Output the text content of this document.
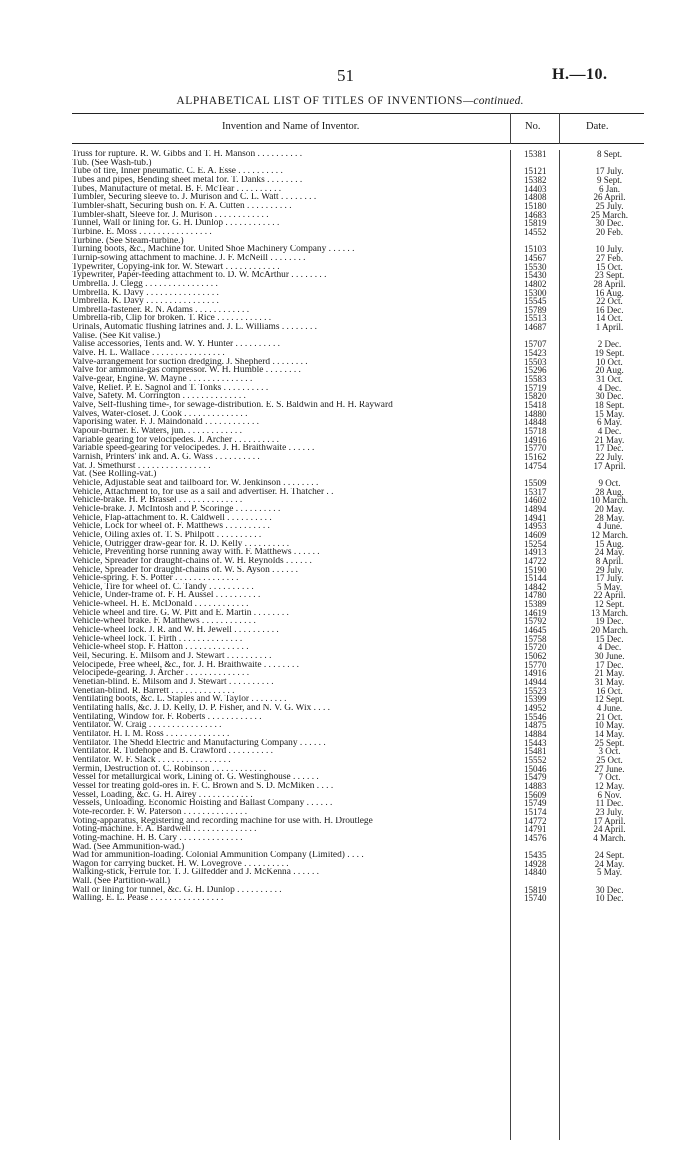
51	H.—10.
ALPHABETICAL LIST OF TITLES OF INVENTIONS—continued.
Invention and Name of Inventor.	No.	Date.
Truss for rupture. R. W. Gibbs and T. H. Manson . . . . . . . . . .	15381	8 Sept.
Tub. (See Wash-tub.)
Tube of tire, Inner pneumatic. C. E. A. Esse . . . . . . . . . .	15121	17 July.
Tubes and pipes, Bending sheet metal for. T. Danks . . . . . . . .	15382	9 Sept.
Tubes, Manufacture of metal. B. F. McTear . . . . . . . . . .	14403	6 Jan.
Tumbler, Securing sleeve to. J. Murison and C. L. Watt . . . . . . . .	14808	26 April.
Tumbler-shaft, Securing bush on. F. A. Cutten . . . . . . . . . .	15180	25 July.
Tumbler-shaft, Sleeve for. J. Murison . . . . . . . . . . . .	14683	25 March.
Tunnel, Wall or lining for. G. H. Dunlop . . . . . . . . . . . .	15819	30 Dec.
Turbine. E. Moss . . . . . . . . . . . . . . . .	14552	20 Feb.
Turbine. (See Steam-turbine.)
Turning boots, &c., Machine for. United Shoe Machinery Company . . . . . .	15103	10 July.
Turnip-sowing attachment to machine. J. F. McNeill . . . . . . . .	14567	27 Feb.
Typewriter, Copying-ink for. W. Stewart . . . . . . . . . . . .	15530	15 Oct.
Typewriter, Paper-feeding attachment to. D. W. McArthur . . . . . . . .	15430	23 Sept.
Umbrella. J. Clegg . . . . . . . . . . . . . . . .	14802	28 April.
Umbrella. K. Davy . . . . . . . . . . . . . . . .	15300	16 Aug.
Umbrella. K. Davy . . . . . . . . . . . . . . . .	15545	22 Oct.
Umbrella-fastener. R. N. Adams . . . . . . . . . . . .	15789	16 Dec.
Umbrella-rib, Clip for broken. T. Rice . . . . . . . . . . . .	15513	14 Oct.
Urinals, Automatic flushing latrines and. J. L. Williams . . . . . . . .	14687	1 April.
Valise. (See Kit valise.)
Valise accessories, Tents and. W. Y. Hunter . . . . . . . . . .	15707	2 Dec.
Valve. H. L. Wallace . . . . . . . . . . . . . . . .	15423	19 Sept.
Valve-arrangement for suction dredging. J. Shepherd . . . . . . . .	15503	10 Oct.
Valve for ammonia-gas compressor. W. H. Humble . . . . . . . .	15296	20 Aug.
Valve-gear, Engine. W. Mayne . . . . . . . . . . . . . .	15583	31 Oct.
Valve, Relief. P. E. Sagnol and T. Tonks . . . . . . . . . .	15719	4 Dec.
Valve, Safety. M. Corrington . . . . . . . . . . . . . .	15820	30 Dec.
Valve, Self-flushing time-, for sewage-distribution. E. S. Baldwin and H. H. Rayward	15418	18 Sept.
Valves, Water-closet. J. Cook . . . . . . . . . . . . . .	14880	15 May.
Vaporising water. F. J. Maindonald . . . . . . . . . . . .	14848	6 May.
Vapour-burner. E. Waters, jun. . . . . . . . . . . . .	15718	4 Dec.
Variable gearing for velocipedes. J. Archer . . . . . . . . . .	14916	21 May.
Variable speed-gearing for velocipedes. J. H. Braithwaite . . . . . .	15770	17 Dec.
Varnish, Printers' ink and. A. G. Wass . . . . . . . . . .	15162	22 July.
Vat. J. Smethurst . . . . . . . . . . . . . . . .	14754	17 April.
Vat. (See Rolling-vat.)
Vehicle, Adjustable seat and tailboard for. W. Jenkinson . . . . . . . .	15509	9 Oct.
Vehicle, Attachment to, for use as a sail and advertiser. H. Thatcher . .	15317	28 Aug.
Vehicle-brake. H. P. Brassel . . . . . . . . . . . . . .	14602	10 March.
Vehicle-brake. J. McIntosh and P. Scoringe . . . . . . . . . .	14894	20 May.
Vehicle, Flap-attachment to. R. Caldwell . . . . . . . . . .	14941	28 May.
Vehicle, Lock for wheel of. F. Matthews . . . . . . . . . .	14953	4 June.
Vehicle, Oiling axles of. T. S. Philpott . . . . . . . . . .	14609	12 March.
Vehicle, Outrigger draw-gear for. R. D. Kelly . . . . . . . . . .	15254	15 Aug.
Vehicle, Preventing horse running away with. F. Matthews . . . . . .	14913	24 May.
Vehicle, Spreader for draught-chains of. W. H. Reynolds . . . . . .	14722	8 April.
Vehicle, Spreader for draught-chains of. W. S. Ayson . . . . . .	15190	29 July.
Vehicle-spring. F. S. Potter . . . . . . . . . . . . . .	15144	17 July.
Vehicle, Tire for wheel of. C. Tandy . . . . . . . . . .	14842	5 May.
Vehicle, Under-frame of. F. H. Aussel . . . . . . . . . .	14780	22 April.
Vehicle-wheel. H. E. McDonald . . . . . . . . . . . .	15389	12 Sept.
Vehicle wheel and tire. G. W. Pitt and E. Martin . . . . . . . .	14619	13 March.
Vehicle-wheel brake. F. Matthews . . . . . . . . . . . .	15792	19 Dec.
Vehicle-wheel lock. J. R. and W. H. Jewell . . . . . . . . . .	14645	20 March.
Vehicle-wheel lock. T. Firth . . . . . . . . . . . . . .	15758	15 Dec.
Vehicle-wheel stop. F. Hatton . . . . . . . . . . . . . .	15720	4 Dec.
Veil, Securing. E. Milsom and J. Stewart . . . . . . . . . .	15062	30 June.
Velocipede, Free wheel, &c., for. J. H. Braithwaite . . . . . . . .	15770	17 Dec.
Velocipede-gearing. J. Archer . . . . . . . . . . . . . .	14916	21 May.
Venetian-blind. E. Milsom and J. Stewart . . . . . . . . . .	14944	31 May.
Venetian-blind. R. Barrett . . . . . . . . . . . . . .	15523	16 Oct.
Ventilating boots, &c. L. Staples and W. Taylor . . . . . . . .	15399	12 Sept.
Ventilating halls, &c. J. D. Kelly, D. P. Fisher, and N. V. G. Wix . . . .	14952	4 June.
Ventilating, Window for. F. Roberts . . . . . . . . . . . .	15546	21 Oct.
Ventilator. W. Craig . . . . . . . . . . . . . . . .	14875	10 May.
Ventilator. H. I. M. Ross . . . . . . . . . . . . . .	14884	14 May.
Ventilator. The Shedd Electric and Manufacturing Company . . . . . .	15443	25 Sept.
Ventilator. R. Tudehope and B. Crawford . . . . . . . . . .	15481	3 Oct.
Ventilator. W. F. Slack . . . . . . . . . . . . . . . .	15552	25 Oct.
Vermin, Destruction of. C. Robinson . . . . . . . . . . . .	15046	27 June.
Vessel for metallurgical work, Lining of. G. Westinghouse . . . . . .	15479	7 Oct.
Vessel for treating gold-ores in. F. C. Brown and S. D. McMiken . . . .	14883	12 May.
Vessel, Loading, &c. G. H. Airey . . . . . . . . . . . .	15609	6 Nov.
Vessels, Unloading. Economic Hoisting and Ballast Company . . . . . .	15749	11 Dec.
Vote-recorder. F. W. Paterson . . . . . . . . . . . . . .	15174	23 July.
Voting-apparatus, Registering and recording machine for use with. H. Droutlege	14772	17 April.
Voting-machine. F. A. Bardwell . . . . . . . . . . . . . .	14791	24 April.
Voting-machine. H. B. Cary . . . . . . . . . . . . . .	14576	4 March.
Wad. (See Ammunition-wad.)
Wad for ammunition-loading. Colonial Ammunition Company (Limited) . . . .	15435	24 Sept.
Wagon for carrying bucket. H. W. Lovegrove . . . . . . . . . .	14928	24 May.
Walking-stick, Ferrule for. T. J. Gilfedder and J. McKenna . . . . . .	14840	5 May.
Wall. (See Partition-wall.)
Wall or lining for tunnel, &c. G. H. Dunlop . . . . . . . . . .	15819	30 Dec.
Walling. E. L. Pease . . . . . . . . . . . . . . . .	15740	10 Dec.
